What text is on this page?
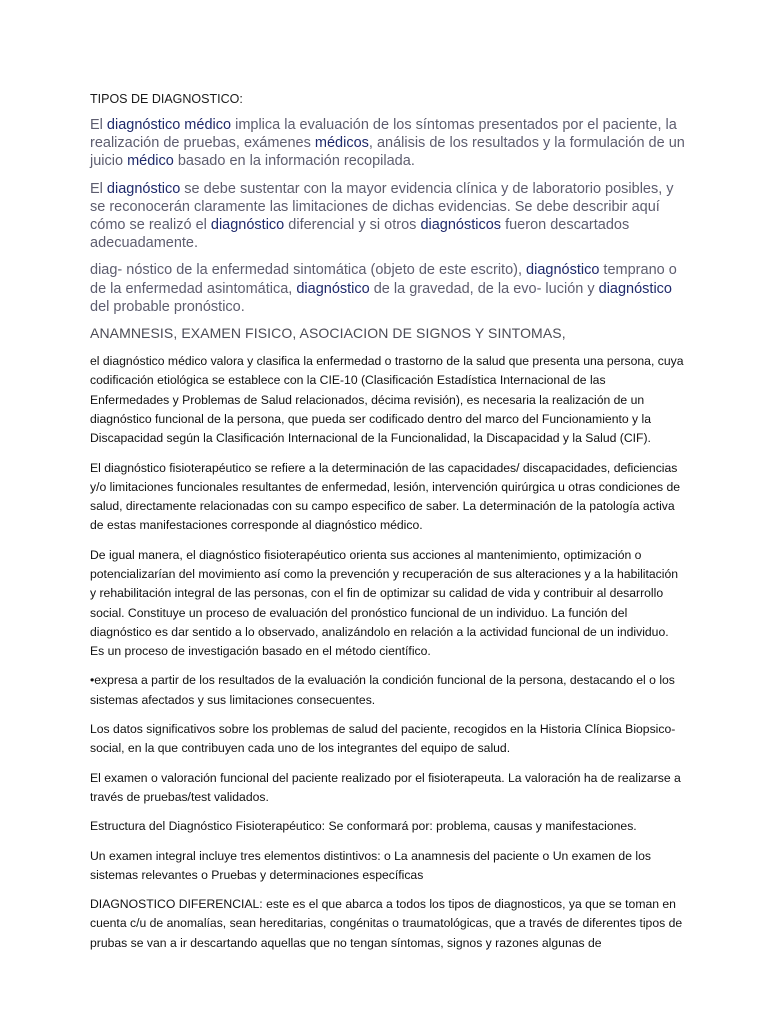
TIPOS DE DIAGNOSTICO:

El diagnóstico médico implica la evaluación de los síntomas presentados por el paciente, la realización de pruebas, exámenes médicos, análisis de los resultados y la formulación de un juicio médico basado en la información recopilada.

El diagnóstico se debe sustentar con la mayor evidencia clínica y de laboratorio posibles, y se reconocerán claramente las limitaciones de dichas evidencias. Se debe describir aquí cómo se realizó el diagnóstico diferencial y si otros diagnósticos fueron descartados adecuadamente.

diag- nóstico de la enfermedad sintomática (objeto de este escrito), diagnóstico temprano o de la enfermedad asintomática, diagnóstico de la gravedad, de la evo- lución y diagnóstico del probable pronóstico.

ANAMNESIS, EXAMEN FISICO, ASOCIACION DE SIGNOS Y SINTOMAS,

el diagnóstico médico valora y clasifica la enfermedad o trastorno de la salud que presenta una persona, cuya codificación etiológica se establece con la CIE-10 (Clasificación Estadística Internacional de las Enfermedades y Problemas de Salud relacionados, décima revisión), es necesaria la realización de un diagnóstico funcional de la persona, que pueda ser codificado dentro del marco del Funcionamiento y la Discapacidad según la Clasificación Internacional de la Funcionalidad, la Discapacidad y la Salud (CIF).

El diagnóstico fisioterapéutico se refiere a la determinación de las capacidades/ discapacidades, deficiencias y/o limitaciones funcionales resultantes de enfermedad, lesión, intervención quirúrgica u otras condiciones de salud, directamente relacionadas con su campo especifico de saber. La determinación de la patología activa de estas manifestaciones corresponde al diagnóstico médico.

De igual manera, el diagnóstico fisioterapéutico orienta sus acciones al mantenimiento, optimización o potencializarían del movimiento así como la prevención y recuperación de sus alteraciones y a la habilitación y rehabilitación integral de las personas, con el fin de optimizar su calidad de vida y contribuir al desarrollo social. Constituye un proceso de evaluación del pronóstico funcional de un individuo. La función del diagnóstico es dar sentido a lo observado, analizándolo en relación a la actividad funcional de un individuo. Es un proceso de investigación basado en el método científico.

•expresa a partir de los resultados de la evaluación la condición funcional de la persona, destacando el o los sistemas afectados y sus limitaciones consecuentes.

Los datos significativos sobre los problemas de salud del paciente, recogidos en la Historia Clínica Biopsico-social, en la que contribuyen cada uno de los integrantes del equipo de salud.

El examen o valoración funcional del paciente realizado por el fisioterapeuta. La valoración ha de realizarse a través de pruebas/test validados.

Estructura del Diagnóstico Fisioterapéutico: Se conformará por: problema, causas y manifestaciones.

Un examen integral incluye tres elementos distintivos: o La anamnesis del paciente o Un examen de los sistemas relevantes o Pruebas y determinaciones específicas

DIAGNOSTICO DIFERENCIAL: este es el que abarca a todos los tipos de diagnosticos, ya que se toman en cuenta c/u de anomalías, sean hereditarias, congénitas o traumatológicas, que a través de diferentes tipos de prubas se van a ir descartando aquellas que no tengan síntomas, signos y razones algunas de
